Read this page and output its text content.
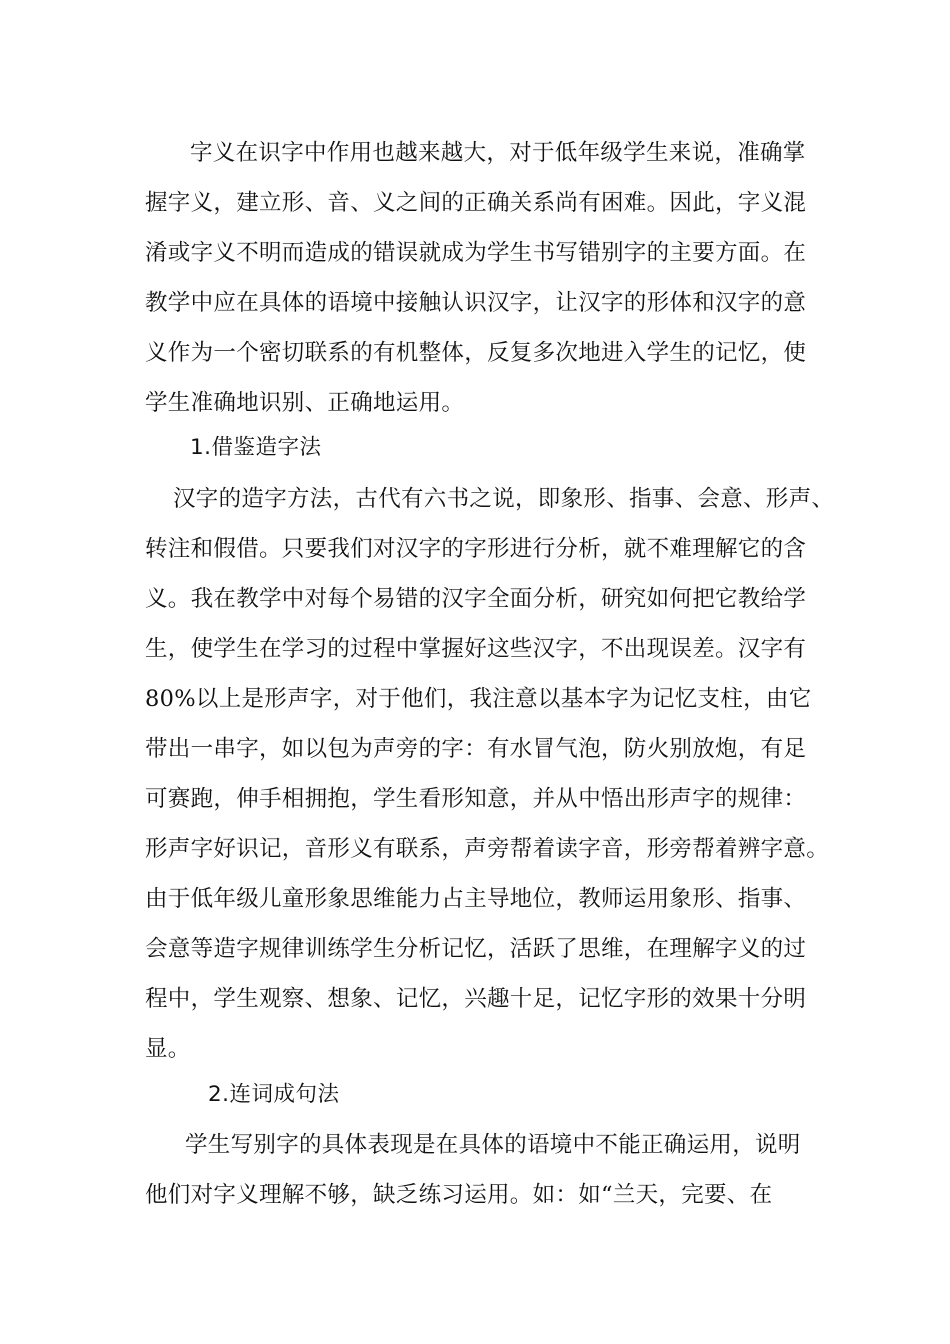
字义在识字中作用也越来越大，对于低年级学生来说，准确掌
握字义，建立形、音、义之间的正确关系尚有困难。因此，字义混
淆或字义不明而造成的错误就成为学生书写错别字的主要方面。在
教学中应在具体的语境中接触认识汉字，让汉字的形体和汉字的意
义作为一个密切联系的有机整体，反复多次地进入学生的记忆，使
学生准确地识别、正确地运用。
1.借鉴造字法
汉字的造字方法，古代有六书之说，即象形、指事、会意、形声、
转注和假借。只要我们对汉字的字形进行分析，就不难理解它的含
义。我在教学中对每个易错的汉字全面分析，研究如何把它教给学
生，使学生在学习的过程中掌握好这些汉字，不出现误差。汉字有
80%以上是形声字，对于他们，我注意以基本字为记忆支柱，由它
带出一串字，如以包为声旁的字：有水冒气泡，防火别放炮，有足
可赛跑，伸手相拥抱，学生看形知意，并从中悟出形声字的规律：
形声字好识记，音形义有联系，声旁帮着读字音，形旁帮着辨字意。
由于低年级儿童形象思维能力占主导地位，教师运用象形、指事、
会意等造字规律训练学生分析记忆，活跃了思维，在理解字义的过
程中，学生观察、想象、记忆，兴趣十足，记忆字形的效果十分明
显。
2.连词成句法
学生写别字的具体表现是在具体的语境中不能正确运用，说明
他们对字义理解不够，缺乏练习运用。如：如“兰天，完要、在
